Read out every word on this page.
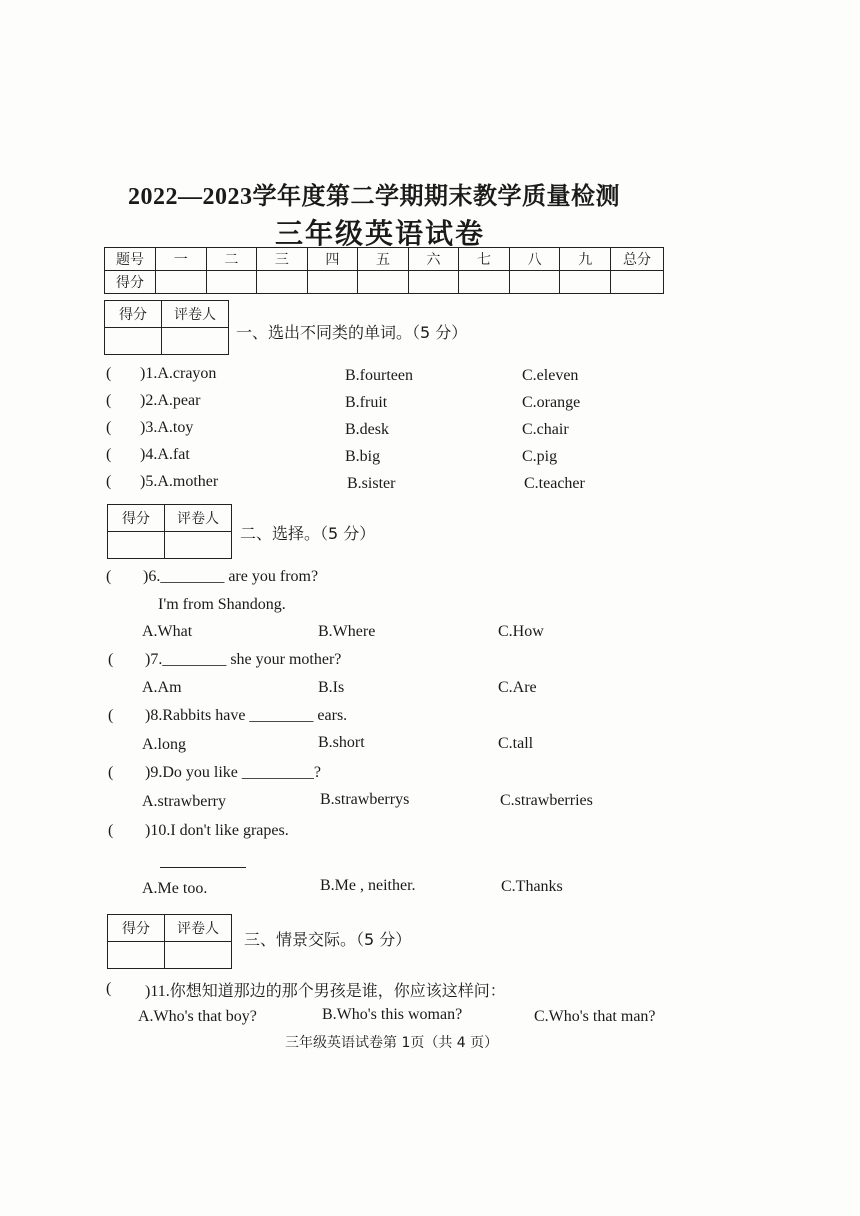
2022—2023学年度第二学期期末教学质量检测
三年级英语试卷
题号	一	二	三	四	五	六	七	八	九	总分
得分										
得分	评卷人

一、选出不同类的单词。（5 分）
( )1.A.crayon	B.fourteen	C.eleven
( )2.A.pear	B.fruit	C.orange
( )3.A.toy	B.desk	C.chair
( )4.A.fat	B.big	C.pig
( )5.A.mother	B.sister	C.teacher
得分	评卷人

二、选择。（5 分）
( )6.________ are you from?
I'm from Shandong.
A.What	B.Where	C.How
( )7.________ she your mother?
A.Am	B.Is	C.Are
( )8.Rabbits have ________ ears.
A.long	B.short	C.tall
( )9.Do you like _________?
A.strawberry	B.strawberrys	C.strawberries
( )10.I don't like grapes.
A.Me too.	B.Me , neither.	C.Thanks
得分	评卷人

三、情景交际。（5 分）
( )11.你想知道那边的那个男孩是谁，你应该这样问：
A.Who's that boy?	B.Who's this woman?	C.Who's that man?
三年级英语试卷第 1页（共 4 页）
